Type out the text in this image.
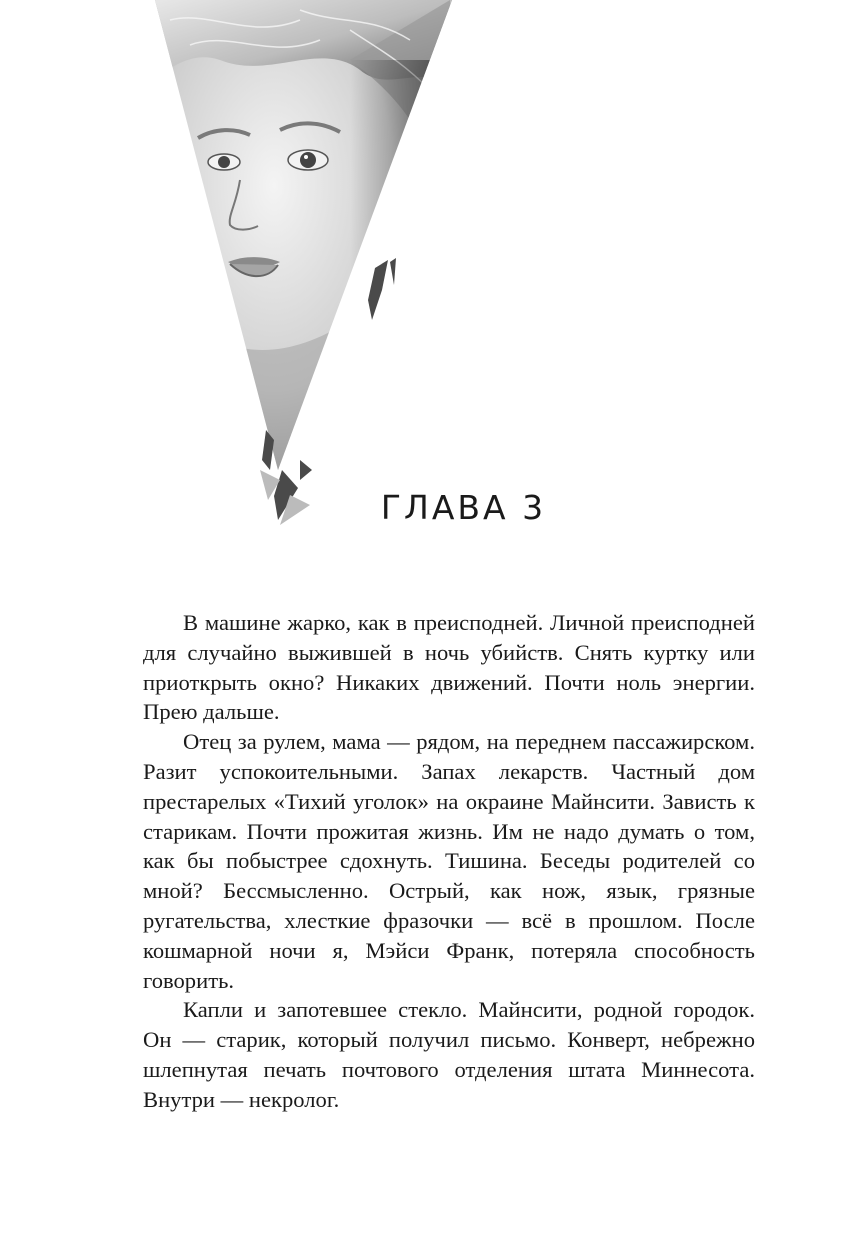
ГЛАВА 3

В машине жарко, как в преисподней. Личной преисподней для случайно выжившей в ночь убийств. Снять куртку или приоткрыть окно? Никаких движений. Почти ноль энергии. Прею дальше.

Отец за рулем, мама — рядом, на переднем пассажирском. Разит успокоительными. Запах лекарств. Частный дом престарелых «Тихий уголок» на окраине Майнсити. Зависть к старикам. Почти прожитая жизнь. Им не надо думать о том, как бы побыстрее сдохнуть. Тишина. Беседы родителей со мной? Бессмысленно. Острый, как нож, язык, грязные ругательства, хлесткие фразочки — всё в прошлом. После кошмарной ночи я, Мэйси Франк, потеряла способность говорить.

Капли и запотевшее стекло. Майнсити, родной городок. Он — старик, который получил письмо. Конверт, небрежно шлепнутая печать почтового отделения штата Миннесота. Внутри — некролог.
